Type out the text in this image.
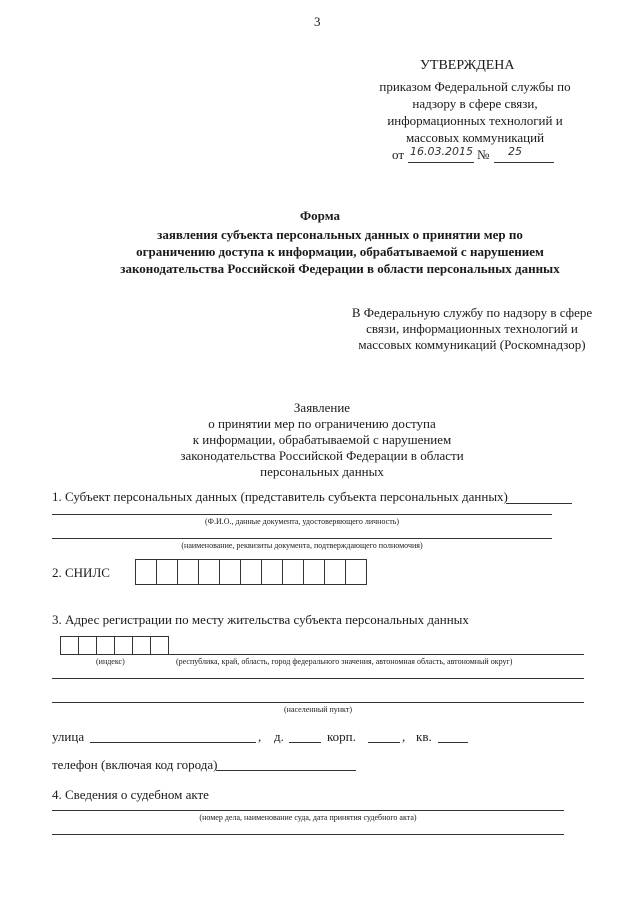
3
УТВЕРЖДЕНА
приказом Федеральной службы по
надзору в сфере связи,
информационных технологий и
массовых коммуникаций
от 16.03.2015 № 25
Форма
заявления субъекта персональных данных о принятии мер по
ограничению доступа к информации, обрабатываемой с нарушением
законодательства Российской Федерации в области персональных данных
В Федеральную службу по надзору в сфере
связи, информационных технологий и
массовых коммуникаций (Роскомнадзор)
Заявление
о принятии мер по ограничению доступа
к информации, обрабатываемой с нарушением
законодательства Российской Федерации в области
персональных данных
1. Субъект персональных данных (представитель субъекта персональных данных)
(Ф.И.О., данные документа, удостоверяющего личность)
(наименование, реквизиты документа, подтверждающего полномочия)
2. СНИЛС
3. Адрес регистрации по месту жительства субъекта персональных данных
(индекс)	(республика, край, область, город федерального значения, автономная область, автономный округ)
(населенный пункт)
улица	, д.	корп.	, кв.
телефон (включая код города)
4. Сведения о судебном акте
(номер дела, наименование суда, дата принятия судебного акта)
